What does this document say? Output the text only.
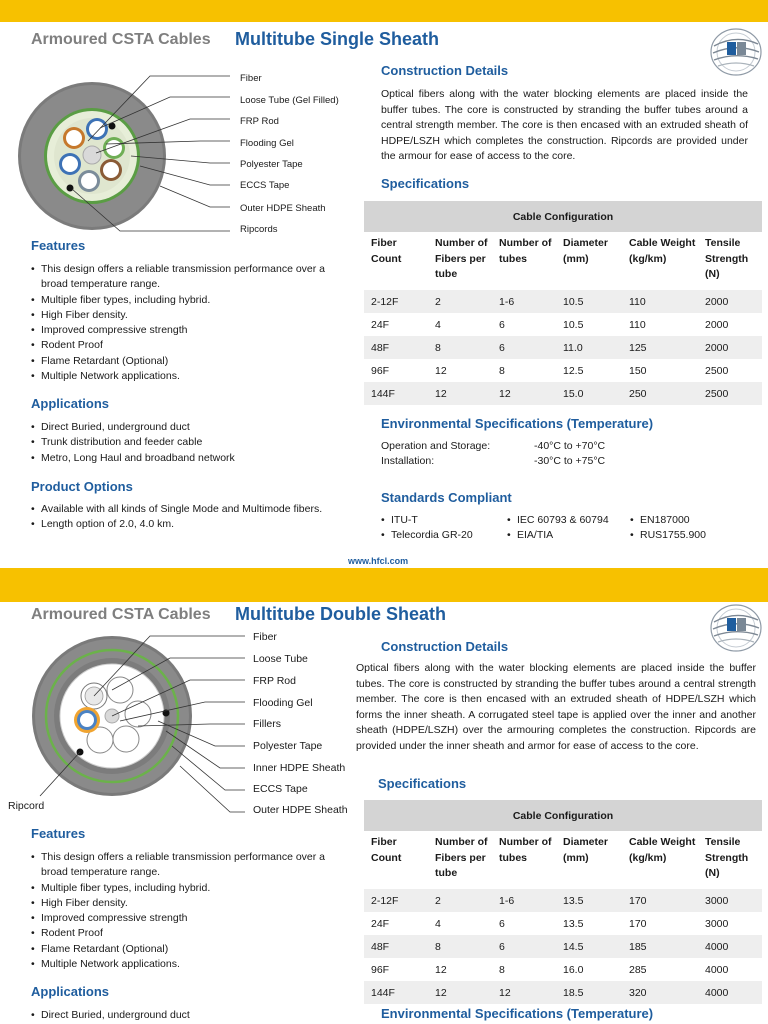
Armoured CSTA Cables Multitube Single Sheath
Fiber
Loose Tube (Gel Filled)
FRP Rod
Flooding Gel
Polyester Tape
ECCS Tape
Outer HDPE Sheath
Ripcords
Construction Details
Optical fibers along with the water blocking elements are placed inside the buffer tubes. The core is constructed by stranding the buffer tubes around a central strength member. The core is then encased with an extruded sheath of HDPE/LSZH which completes the construction. Ripcords are provided under the armour for ease of access to the core.
Specifications
Cable Configuration					
Fiber Count	Number of Fibers per tube	Number of tubes	Diameter (mm)	Cable Weight (kg/km)	Tensile Strength (N)
2-12F	2	1-6	10.5	110	2000
24F	4	6	10.5	110	2000
48F	8	6	11.0	125	2000
96F	12	8	12.5	150	2500
144F	12	12	15.0	250	2500
Features
• This design offers a reliable transmission performance over a broad temperature range.
• Multiple fiber types, including hybrid.
• High Fiber density.
• Improved compressive strength
• Rodent Proof
• Flame Retardant (Optional)
• Multiple Network applications.
Applications
• Direct Buried, underground duct
• Trunk distribution and feeder cable
• Metro, Long Haul and broadband network
Product Options
• Available with all kinds of Single Mode and Multimode fibers.
• Length option of 2.0, 4.0 km.
Environmental Specifications (Temperature)
Operation and Storage:	-40°C to +70°C
Installation:	-30°C to +75°C
Standards Compliant
• ITU-T
• Telecordia GR-20
• IEC 60793 & 60794
• EIA/TIA
• EN187000
• RUS1755.900
www.hfcl.com
Armoured CSTA Cables Multitube Double Sheath
Fiber
Loose Tube
FRP Rod
Flooding Gel
Fillers
Polyester Tape
Inner HDPE Sheath
ECCS Tape
Outer HDPE Sheath
Ripcord
Construction Details
Optical fibers along with the water blocking elements are placed inside the buffer tubes. The core is constructed by stranding the buffer tubes around a central strength member. The core is then encased with an extruded sheath of HDPE/LSZH which forms the inner sheath. A corrugated steel tape is applied over the inner and another sheath (HDPE/LSZH) over the armouring completes the construction. Ripcords are provided under the inner sheath and armor for ease of access to the core.
Specifications
Cable Configuration					
Fiber Count	Number of Fibers per tube	Number of tubes	Diameter (mm)	Cable Weight (kg/km)	Tensile Strength (N)
2-12F	2	1-6	13.5	170	3000
24F	4	6	13.5	170	3000
48F	8	6	14.5	185	4000
96F	12	8	16.0	285	4000
144F	12	12	18.5	320	4000
Features
• This design offers a reliable transmission performance over a broad temperature range.
• Multiple fiber types, including hybrid.
• High Fiber density.
• Improved compressive strength
• Rodent Proof
• Flame Retardant (Optional)
• Multiple Network applications.
Applications
• Direct Buried, underground duct	Environmental Specifications (Temperature)
